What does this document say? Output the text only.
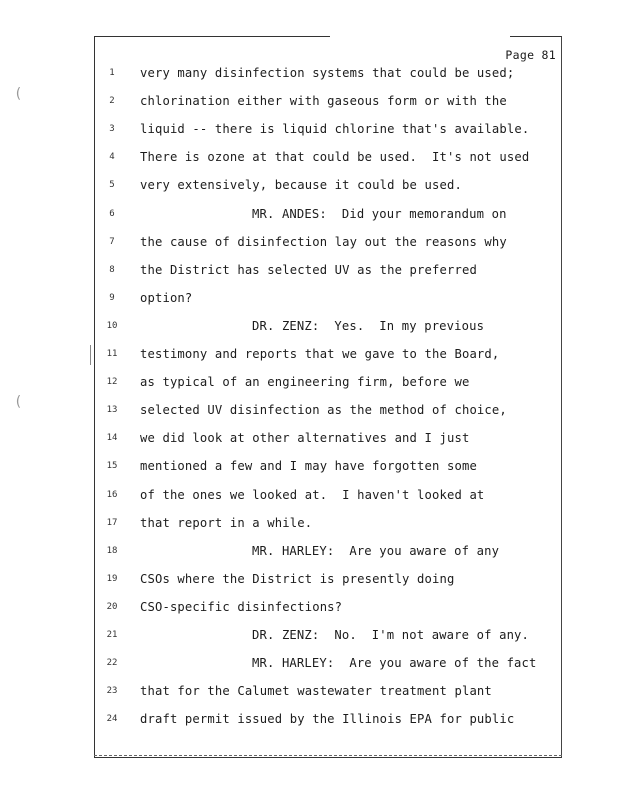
(
(
Page 81
1	very many disinfection systems that could be used;
2	chlorination either with gaseous form or with the
3	liquid -- there is liquid chlorine that's available.
4	There is ozone at that could be used.  It's not used
5	very extensively, because it could be used.
6	MR. ANDES:  Did your memorandum on
7	the cause of disinfection lay out the reasons why
8	the District has selected UV as the preferred
9	option?
10	DR. ZENZ:  Yes.  In my previous
11 testimony and reports that we gave to the Board,
12 as typical of an engineering firm, before we
13 selected UV disinfection as the method of choice,
14 we did look at other alternatives and I just
15 mentioned a few and I may have forgotten some
16 of the ones we looked at.  I haven't looked at
17 that report in a while.
18	MR. HARLEY:  Are you aware of any
19 CSOs where the District is presently doing
20 CSO-specific disinfections?
21	DR. ZENZ:  No.  I'm not aware of any.
22	MR. HARLEY:  Are you aware of the fact
23 that for the Calumet wastewater treatment plant
24 draft permit issued by the Illinois EPA for public
